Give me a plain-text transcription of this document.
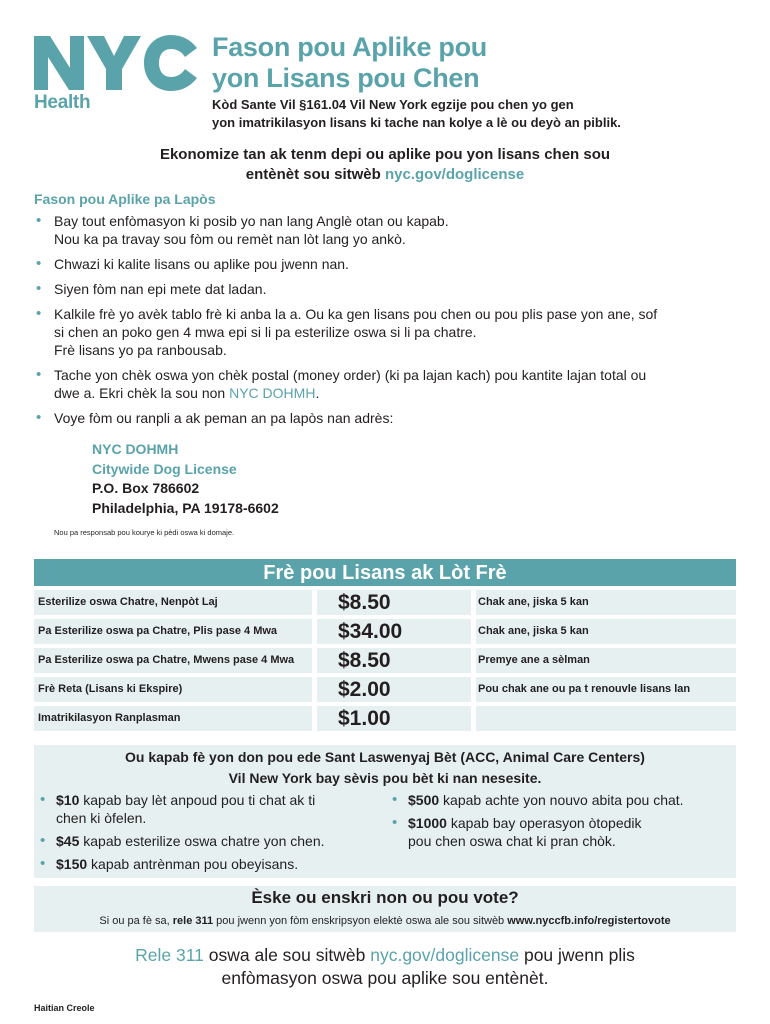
Health
Fason pou Aplike pou
yon Lisans pou Chen
Kòd Sante Vil §161.04 Vil New York egzije pou chen yo gen
yon imatrikilasyon lisans ki tache nan kolye a lè ou deyò an piblik.
Ekonomize tan ak tenm depi ou aplike pou yon lisans chen sou
entènèt sou sitwèb nyc.gov/doglicense
Fason pou Aplike pa Lapòs
• Bay tout enfòmasyon ki posib yo nan lang Anglè otan ou kapab.
Nou ka pa travay sou fòm ou remèt nan lòt lang yo ankò.
• Chwazi ki kalite lisans ou aplike pou jwenn nan.
• Siyen fòm nan epi mete dat ladan.
• Kalkile frè yo avèk tablo frè ki anba la a. Ou ka gen lisans pou chen ou pou plis pase yon ane, sof
si chen an poko gen 4 mwa epi si li pa esterilize oswa si li pa chatre.
Frè lisans yo pa ranbousab.
• Tache yon chèk oswa yon chèk postal (money order) (ki pa lajan kach) pou kantite lajan total ou
dwe a. Ekri chèk la sou non NYC DOHMH.
• Voye fòm ou ranpli a ak peman an pa lapòs nan adrès:
NYC DOHMH
Citywide Dog License
P.O. Box 786602
Philadelphia, PA 19178-6602
Nou pa responsab pou kourye ki pèdi oswa ki domaje.
Frè pou Lisans ak Lòt Frè
Esterilize oswa Chatre, Nenpòt Laj	$8.50	Chak ane, jiska 5 kan
Pa Esterilize oswa pa Chatre, Plis pase 4 Mwa	$34.00	Chak ane, jiska 5 kan
Pa Esterilize oswa pa Chatre, Mwens pase 4 Mwa	$8.50	Premye ane a sèlman
Frè Reta (Lisans ki Ekspire)	$2.00	Pou chak ane ou pa t renouvle lisans lan
Imatrikilasyon Ranplasman	$1.00
Ou kapab fè yon don pou ede Sant Laswenyaj Bèt (ACC, Animal Care Centers)
Vil New York bay sèvis pou bèt ki nan nesesite.
• $10 kapab bay lèt anpoud pou ti chat ak ti
chen ki òfelen.
• $45 kapab esterilize oswa chatre yon chen.
• $150 kapab antrènman pou obeyisans.
• $500 kapab achte yon nouvo abita pou chat.
• $1000 kapab bay operasyon òtopedik
pou chen oswa chat ki pran chòk.
Èske ou enskri non ou pou vote?
Si ou pa fè sa, rele 311 pou jwenn yon fòm enskripsyon elektè oswa ale sou sitwèb www.nyccfb.info/registertovote
Rele 311 oswa ale sou sitwèb nyc.gov/doglicense pou jwenn plis
enfòmasyon oswa pou aplike sou entènèt.
Haitian Creole
